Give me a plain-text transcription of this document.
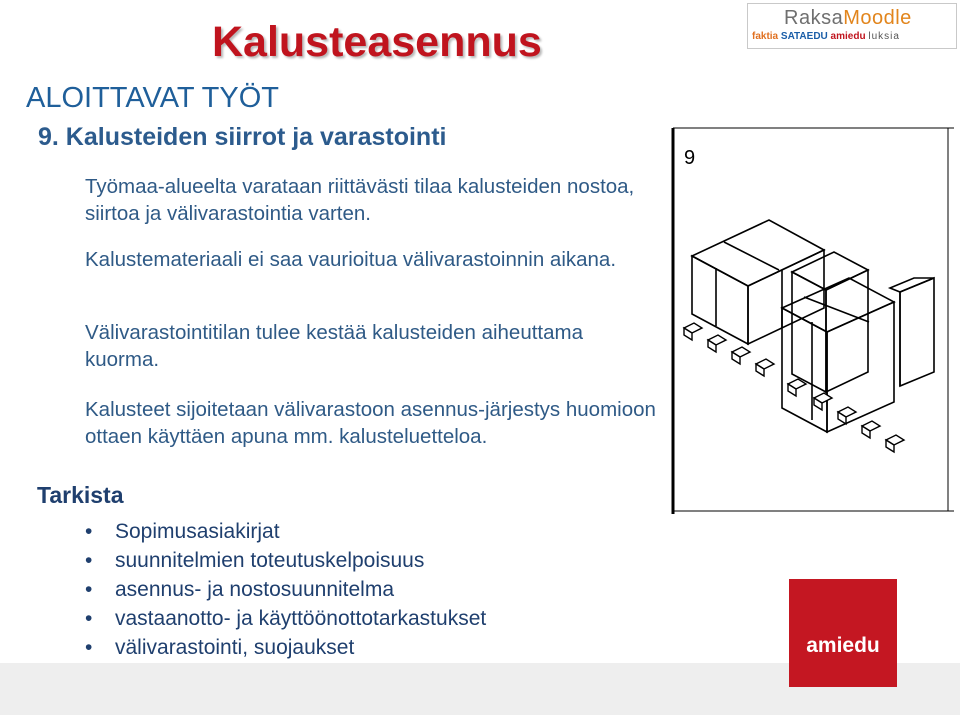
Kalusteasennus
ALOITTAVAT TYÖT
9. Kalusteiden siirrot ja varastointi
Työmaa-alueelta varataan riittävästi tilaa kalusteiden nostoa, siirtoa ja välivarastointia varten.
Kalustemateriaali ei saa vaurioitua välivarastoinnin aikana.
Välivarastointitilan tulee kestää kalusteiden aiheuttama kuorma.
Kalusteet sijoitetaan välivarastoon asennus-järjestys huomioon ottaen käyttäen apuna mm. kalusteluetteloa.
Tarkista
• Sopimusasiakirjat
• suunnitelmien toteutuskelpoisuus
• asennus- ja nostosuunnitelma
• vastaanotto- ja käyttöönottotarkastukset
• välivarastointi, suojaukset
RaksaMoodle
faktia SATAEDU amiedu luksia
9
amiedu
